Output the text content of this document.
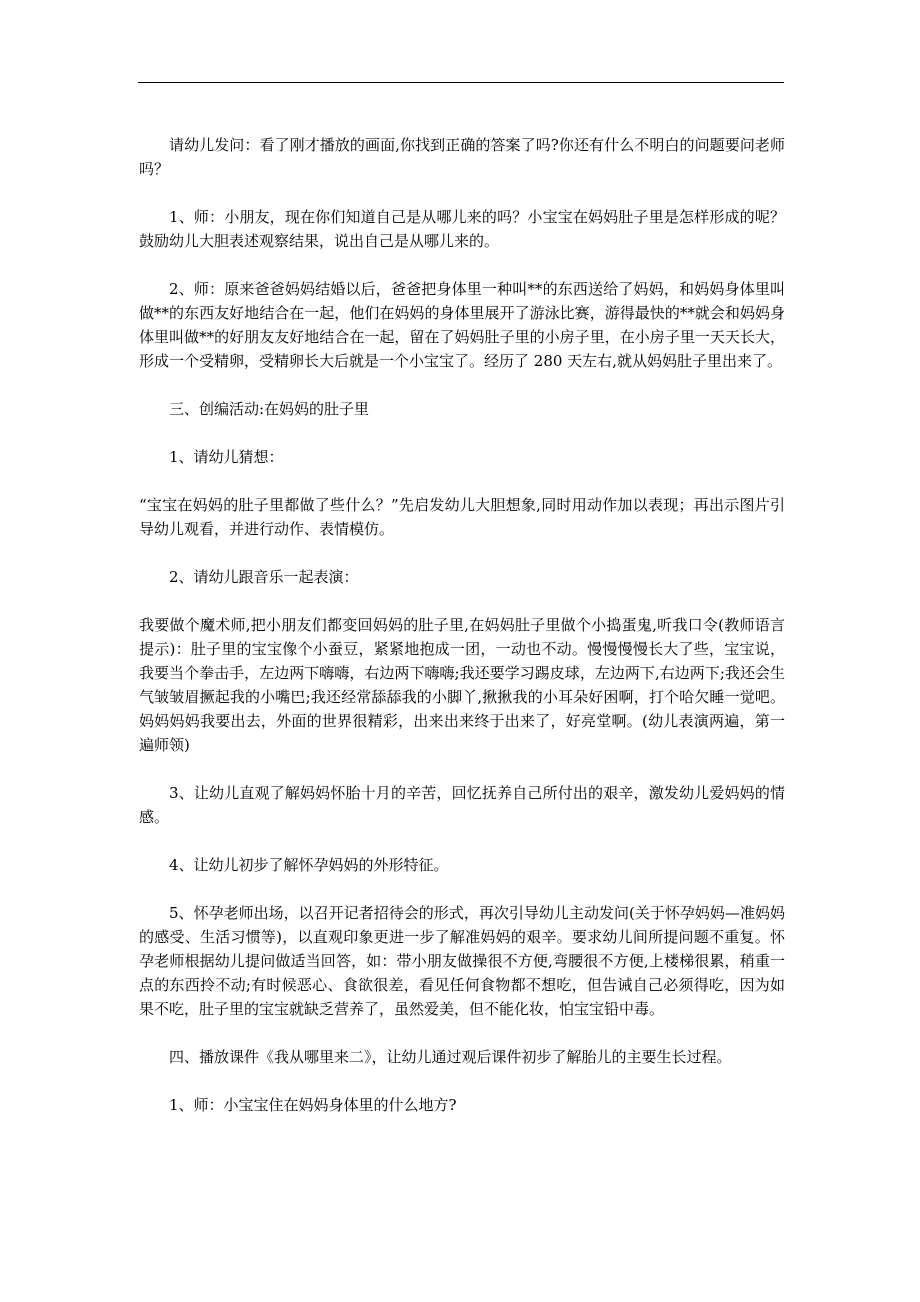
请幼儿发问：看了刚才播放的画面,你找到正确的答案了吗?你还有什么不明白的问题要问老师吗？

1、师：小朋友，现在你们知道自己是从哪儿来的吗？小宝宝在妈妈肚子里是怎样形成的呢？鼓励幼儿大胆表述观察结果，说出自己是从哪儿来的。

2、师：原来爸爸妈妈结婚以后，爸爸把身体里一种叫**的东西送给了妈妈，和妈妈身体里叫做**的东西友好地结合在一起，他们在妈妈的身体里展开了游泳比赛，游得最快的**就会和妈妈身体里叫做**的好朋友友好地结合在一起，留在了妈妈肚子里的小房子里，在小房子里一天天长大，形成一个受精卵，受精卵长大后就是一个小宝宝了。经历了 280 天左右,就从妈妈肚子里出来了。

三、创编活动:在妈妈的肚子里

1、请幼儿猜想：

“宝宝在妈妈的肚子里都做了些什么？”先启发幼儿大胆想象,同时用动作加以表现；再出示图片引导幼儿观看，并进行动作、表情模仿。

2、请幼儿跟音乐一起表演：

我要做个魔术师,把小朋友们都变回妈妈的肚子里,在妈妈肚子里做个小捣蛋鬼,听我口令(教师语言提示)：肚子里的宝宝像个小蚕豆，紧紧地抱成一团，一动也不动。慢慢慢慢长大了些，宝宝说，我要当个拳击手，左边两下嗨嗨，右边两下嗨嗨;我还要学习踢皮球，左边两下,右边两下;我还会生气皱皱眉撅起我的小嘴巴;我还经常舔舔我的小脚丫,揪揪我的小耳朵好困啊，打个哈欠睡一觉吧。妈妈妈妈我要出去，外面的世界很精彩，出来出来终于出来了，好亮堂啊。(幼儿表演两遍，第一遍师领)

3、让幼儿直观了解妈妈怀胎十月的辛苦，回忆抚养自己所付出的艰辛，激发幼儿爱妈妈的情感。

4、让幼儿初步了解怀孕妈妈的外形特征。

5、怀孕老师出场，以召开记者招待会的形式，再次引导幼儿主动发问(关于怀孕妈妈—准妈妈的感受、生活习惯等)，以直观印象更进一步了解准妈妈的艰辛。要求幼儿间所提问题不重复。怀孕老师根据幼儿提问做适当回答，如：带小朋友做操很不方便,弯腰很不方便,上楼梯很累，稍重一点的东西拎不动;有时候恶心、食欲很差，看见任何食物都不想吃，但告诫自己必须得吃，因为如果不吃，肚子里的宝宝就缺乏营养了，虽然爱美，但不能化妆，怕宝宝铅中毒。

四、播放课件《我从哪里来二》，让幼儿通过观后课件初步了解胎儿的主要生长过程。

1、师：小宝宝住在妈妈身体里的什么地方?
